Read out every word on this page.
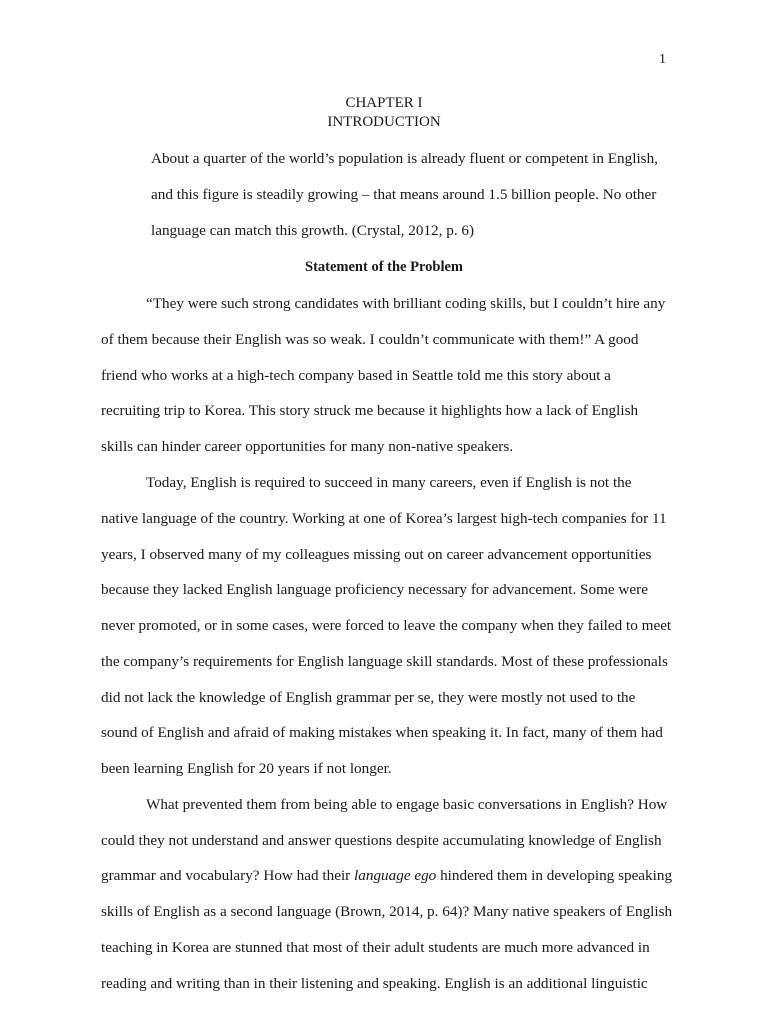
1
CHAPTER I
INTRODUCTION
About a quarter of the world’s population is already fluent or competent in English,
and this figure is steadily growing – that means around 1.5 billion people. No other
language can match this growth. (Crystal, 2012, p. 6)
Statement of the Problem
“They were such strong candidates with brilliant coding skills, but I couldn’t hire any
of them because their English was so weak. I couldn’t communicate with them!” A good
friend who works at a high-tech company based in Seattle told me this story about a
recruiting trip to Korea. This story struck me because it highlights how a lack of English
skills can hinder career opportunities for many non-native speakers.
Today, English is required to succeed in many careers, even if English is not the
native language of the country. Working at one of Korea’s largest high-tech companies for 11
years, I observed many of my colleagues missing out on career advancement opportunities
because they lacked English language proficiency necessary for advancement. Some were
never promoted, or in some cases, were forced to leave the company when they failed to meet
the company’s requirements for English language skill standards. Most of these professionals
did not lack the knowledge of English grammar per se, they were mostly not used to the
sound of English and afraid of making mistakes when speaking it. In fact, many of them had
been learning English for 20 years if not longer.
What prevented them from being able to engage basic conversations in English? How
could they not understand and answer questions despite accumulating knowledge of English
grammar and vocabulary? How had their language ego hindered them in developing speaking
skills of English as a second language (Brown, 2014, p. 64)? Many native speakers of English
teaching in Korea are stunned that most of their adult students are much more advanced in
reading and writing than in their listening and speaking. English is an additional linguistic
